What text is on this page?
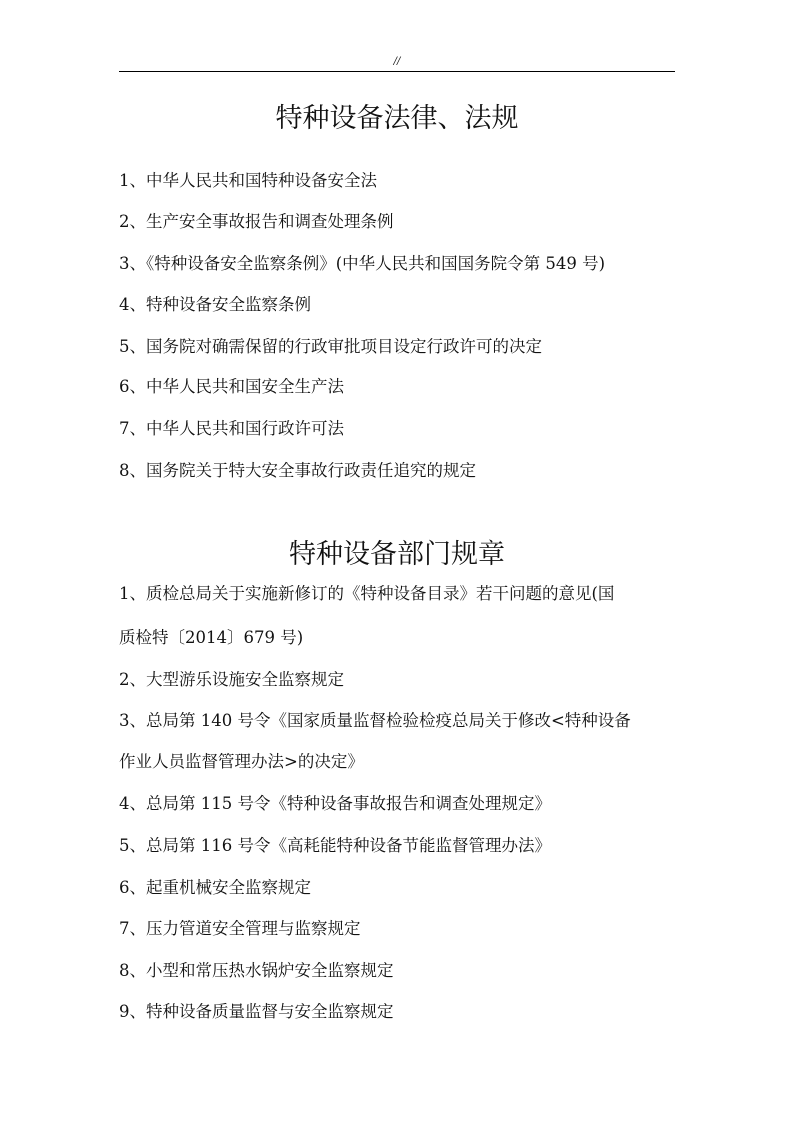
//
特种设备法律、法规
1、中华人民共和国特种设备安全法
2、生产安全事故报告和调查处理条例
3、《特种设备安全监察条例》(中华人民共和国国务院令第 549 号)
4、特种设备安全监察条例
5、国务院对确需保留的行政审批项目设定行政许可的决定
6、中华人民共和国安全生产法
7、中华人民共和国行政许可法
8、国务院关于特大安全事故行政责任追究的规定
特种设备部门规章
1、质检总局关于实施新修订的《特种设备目录》若干问题的意见(国
质检特〔2014〕679 号)
2、大型游乐设施安全监察规定
3、总局第 140 号令《国家质量监督检验检疫总局关于修改<特种设备
作业人员监督管理办法>的决定》
4、总局第 115 号令《特种设备事故报告和调查处理规定》
5、总局第 116 号令《高耗能特种设备节能监督管理办法》
6、起重机械安全监察规定
7、压力管道安全管理与监察规定
8、小型和常压热水锅炉安全监察规定
9、特种设备质量监督与安全监察规定
